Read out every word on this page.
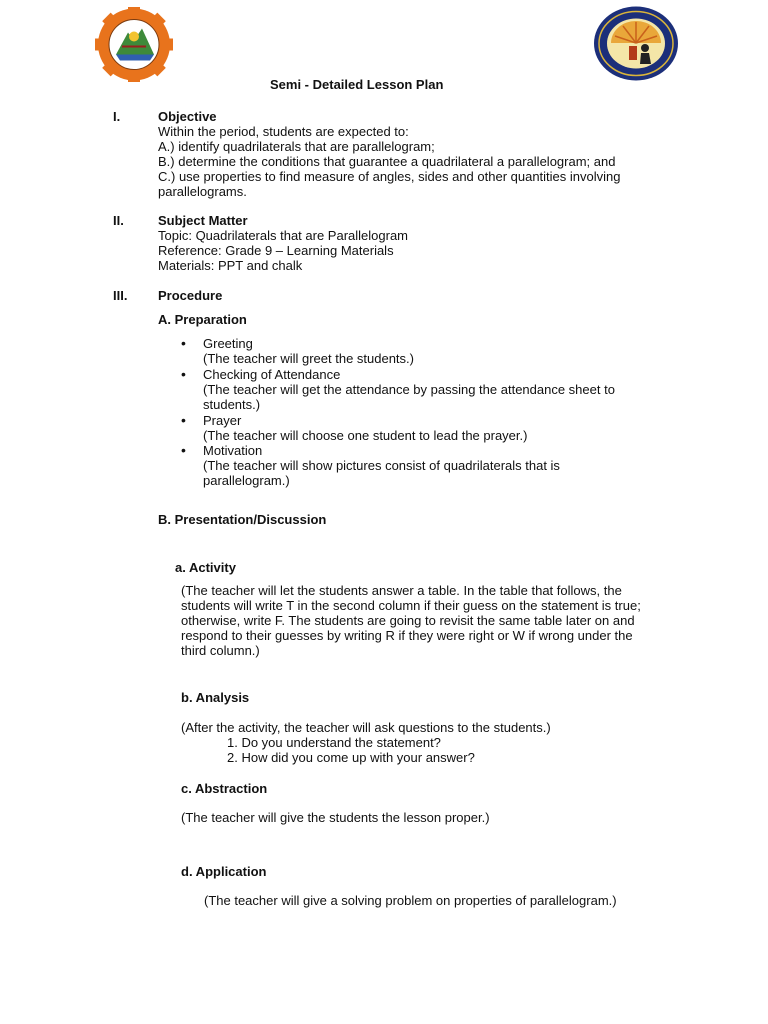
Semi - Detailed Lesson Plan
I.	Objective
Within the period, students are expected to:
A.) identify quadrilaterals that are parallelogram;
B.) determine the conditions that guarantee a quadrilateral a parallelogram; and
C.) use properties to find measure of angles, sides and other quantities involving
parallelograms.
II.	Subject Matter
Topic: Quadrilaterals that are Parallelogram
Reference: Grade 9 – Learning Materials
Materials: PPT and chalk
III. Procedure
A. Preparation
• Greeting
(The teacher will greet the students.)
• Checking of Attendance
(The teacher will get the attendance by passing the attendance sheet to
students.)
• Prayer
(The teacher will choose one student to lead the prayer.)
• Motivation
(The teacher will show pictures consist of quadrilaterals that is
parallelogram.)
B. Presentation/Discussion
a. Activity
(The teacher will let the students answer a table. In the table that follows, the
students will write T in the second column if their guess on the statement is true;
otherwise, write F. The students are going to revisit the same table later on and
respond to their guesses by writing R if they were right or W if wrong under the
third column.)
b. Analysis
(After the activity, the teacher will ask questions to the students.)
1. Do you understand the statement?
2. How did you come up with your answer?
c. Abstraction
(The teacher will give the students the lesson proper.)
d. Application
(The teacher will give a solving problem on properties of parallelogram.)
